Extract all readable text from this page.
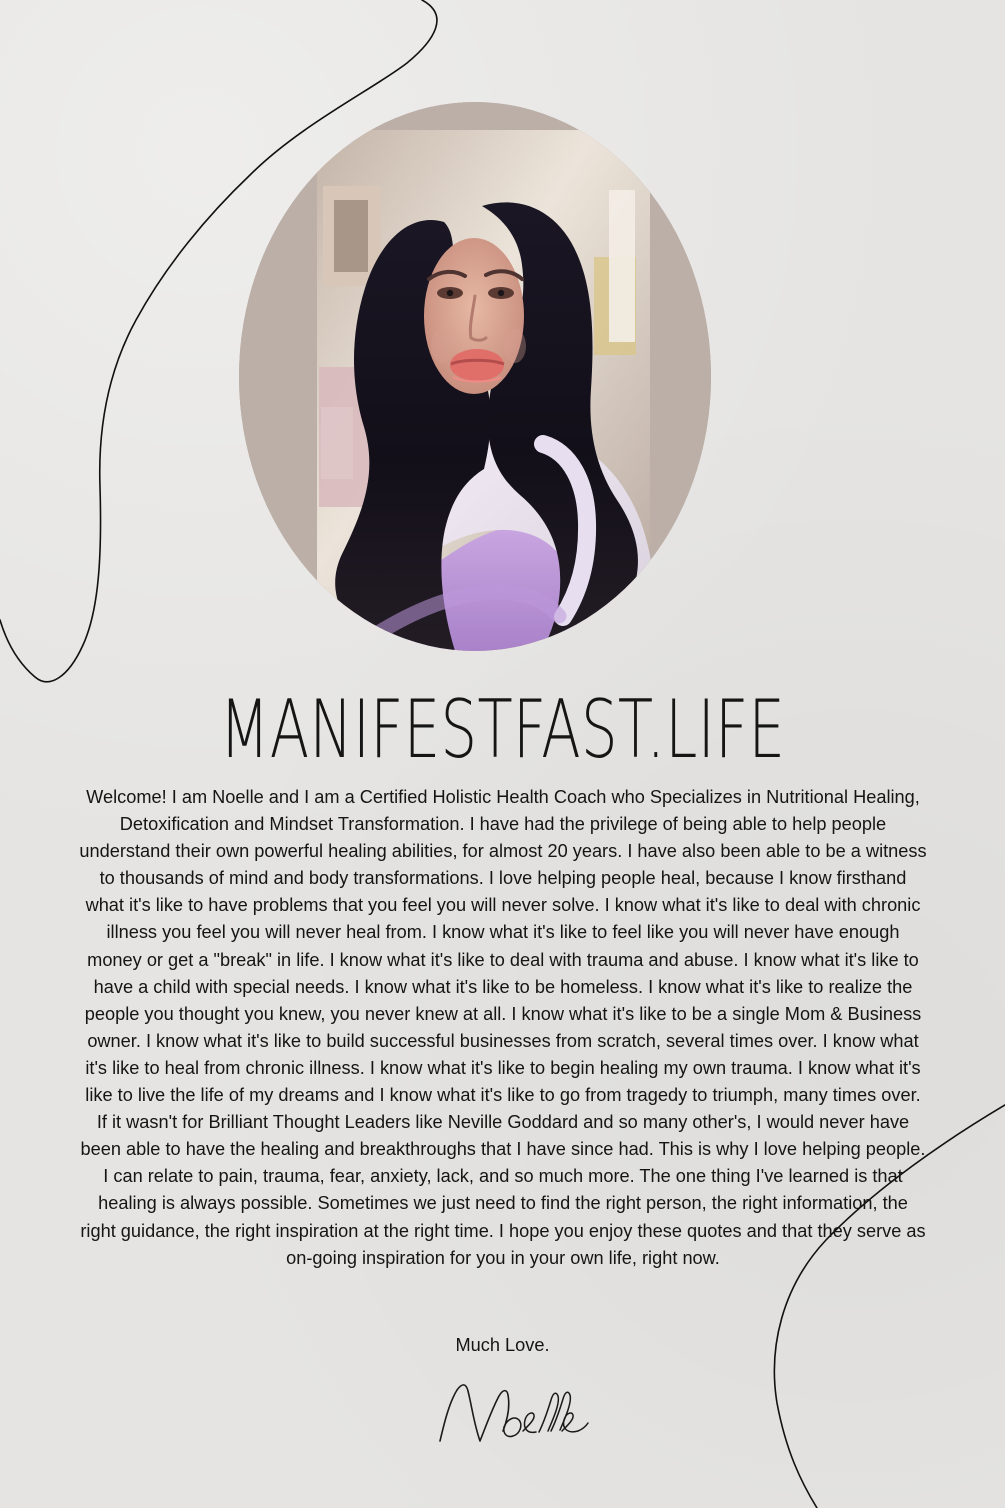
MANIFESTFAST.LIFE

Welcome! I am Noelle and I am a Certified Holistic Health Coach who Specializes in Nutritional Healing, Detoxification and Mindset Transformation. I have had the privilege of being able to help people understand their own powerful healing abilities, for almost 20 years. I have also been able to be a witness to thousands of mind and body transformations. I love helping people heal, because I know firsthand what it's like to have problems that you feel you will never solve. I know what it's like to deal with chronic illness you feel you will never heal from. I know what it's like to feel like you will never have enough money or get a "break" in life. I know what it's like to deal with trauma and abuse. I know what it's like to have a child with special needs. I know what it's like to be homeless. I know what it's like to realize the people you thought you knew, you never knew at all. I know what it's like to be a single Mom & Business owner. I know what it's like to build successful businesses from scratch, several times over. I know what it's like to heal from chronic illness. I know what it's like to begin healing my own trauma. I know what it's like to live the life of my dreams and I know what it's like to go from tragedy to triumph, many times over. If it wasn't for Brilliant Thought Leaders like Neville Goddard and so many other's, I would never have been able to have the healing and breakthroughs that I have since had. This is why I love helping people. I can relate to pain, trauma, fear, anxiety, lack, and so much more. The one thing I've learned is that healing is always possible. Sometimes we just need to find the right person, the right information, the right guidance, the right inspiration at the right time. I hope you enjoy these quotes and that they serve as on-going inspiration for you in your own life, right now.

Much Love.
